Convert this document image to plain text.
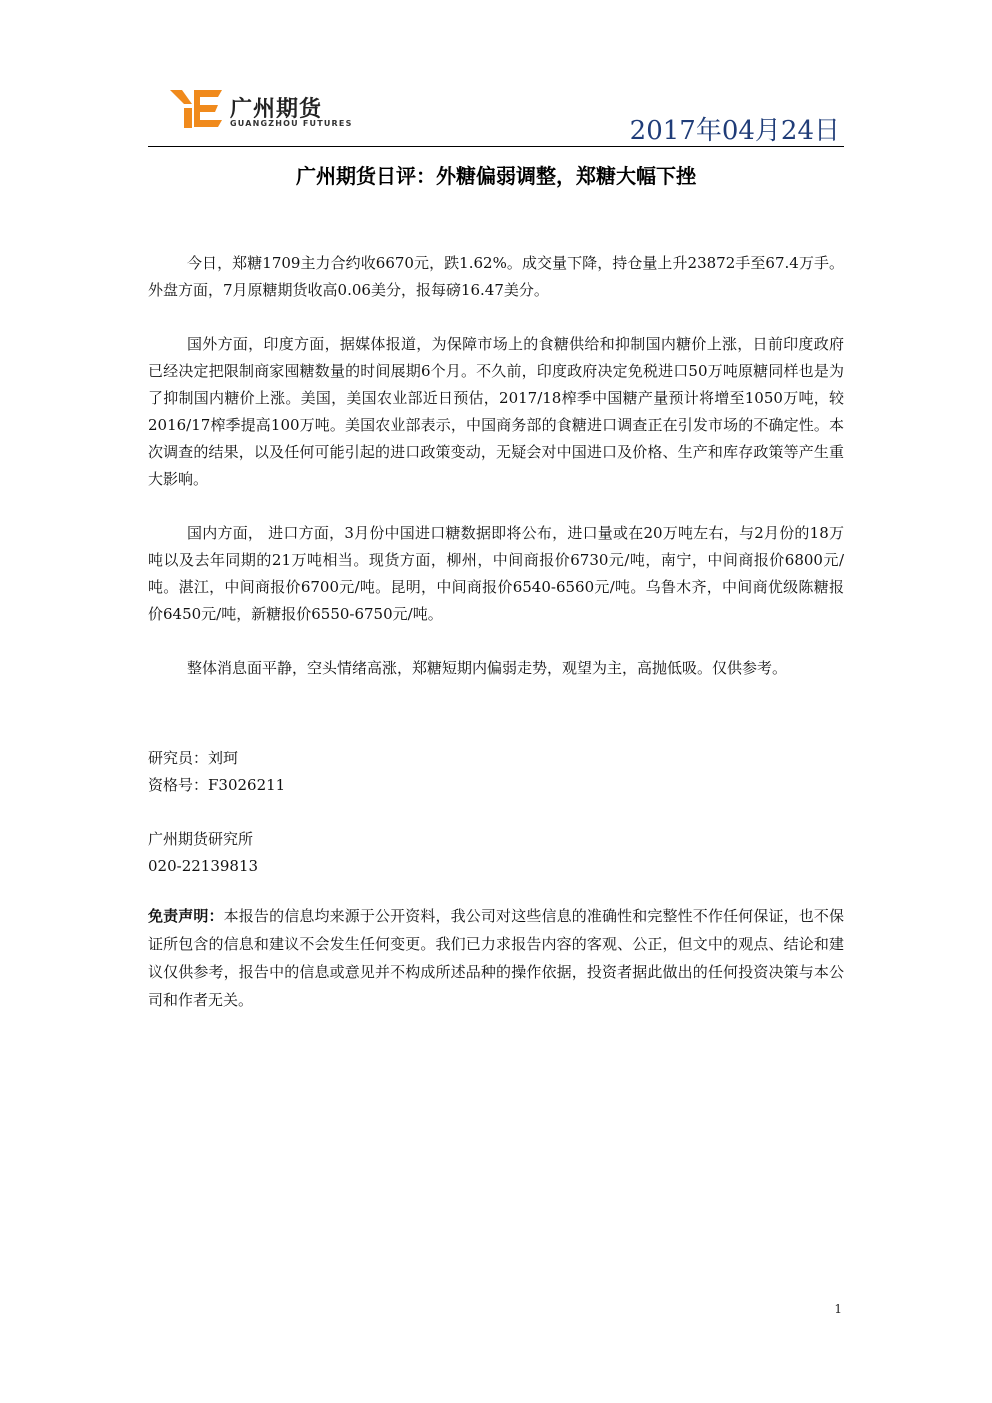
广州期货
GUANGZHOU FUTURES	2017年04月24日
广州期货日评：外糖偏弱调整，郑糖大幅下挫

今日，郑糖1709主力合约收6670元，跌1.62%。成交量下降，持仓量上升23872手至67.4万手。外盘方面，7月原糖期货收高0.06美分，报每磅16.47美分。

国外方面，印度方面，据媒体报道，为保障市场上的食糖供给和抑制国内糖价上涨，日前印度政府已经决定把限制商家囤糖数量的时间展期6个月。不久前，印度政府决定免税进口50万吨原糖同样也是为了抑制国内糖价上涨。美国，美国农业部近日预估，2017/18榨季中国糖产量预计将增至1050万吨，较2016/17榨季提高100万吨。美国农业部表示，中国商务部的食糖进口调查正在引发市场的不确定性。本次调查的结果，以及任何可能引起的进口政策变动，无疑会对中国进口及价格、生产和库存政策等产生重大影响。

国内方面， 进口方面，3月份中国进口糖数据即将公布，进口量或在20万吨左右，与2月份的18万吨以及去年同期的21万吨相当。现货方面，柳州，中间商报价6730元/吨，南宁，中间商报价6800元/吨。湛江，中间商报价6700元/吨。昆明，中间商报价6540-6560元/吨。乌鲁木齐，中间商优级陈糖报价6450元/吨，新糖报价6550-6750元/吨。

整体消息面平静，空头情绪高涨，郑糖短期内偏弱走势，观望为主，高抛低吸。仅供参考。

研究员：刘珂

资格号：F3026211

广州期货研究所

020-22139813

免责声明：本报告的信息均来源于公开资料，我公司对这些信息的准确性和完整性不作任何保证，也不保证所包含的信息和建议不会发生任何变更。我们已力求报告内容的客观、公正，但文中的观点、结论和建议仅供参考，报告中的信息或意见并不构成所述品种的操作依据，投资者据此做出的任何投资决策与本公司和作者无关。
1
